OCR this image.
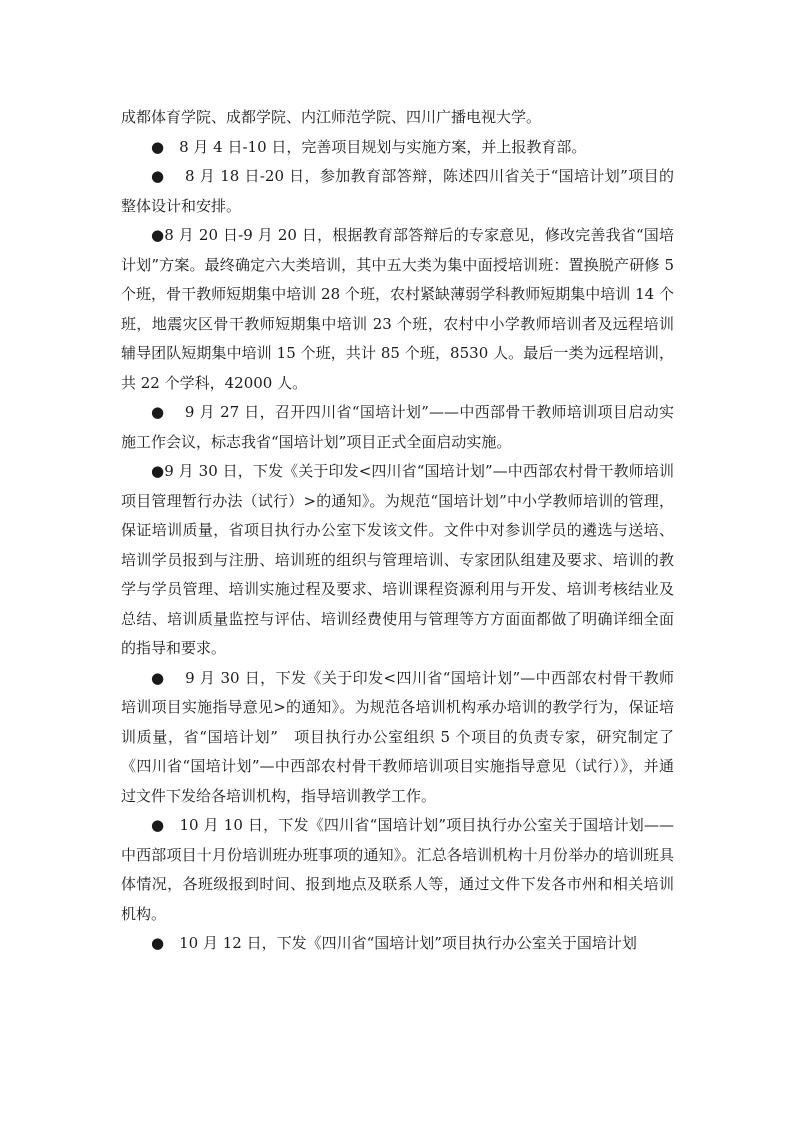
成都体育学院、成都学院、内江师范学院、四川广播电视大学。

●　8 月 4 日-10 日，完善项目规划与实施方案，并上报教育部。

●　 8 月 18 日-20 日，参加教育部答辩，陈述四川省关于“国培计划”项目的整体设计和安排。

●8 月 20 日-9 月 20 日，根据教育部答辩后的专家意见，修改完善我省“国培计划”方案。最终确定六大类培训，其中五大类为集中面授培训班：置换脱产研修 5 个班，骨干教师短期集中培训 28 个班，农村紧缺薄弱学科教师短期集中培训 14 个班，地震灾区骨干教师短期集中培训 23 个班，农村中小学教师培训者及远程培训辅导团队短期集中培训 15 个班，共计 85 个班，8530 人。最后一类为远程培训，共 22 个学科，42000 人。

●　 9 月 27 日，召开四川省“国培计划”——中西部骨干教师培训项目启动实施工作会议，标志我省“国培计划”项目正式全面启动实施。

●9 月 30 日，下发《关于印发<四川省“国培计划”—中西部农村骨干教师培训项目管理暂行办法（试行）>的通知》。为规范“国培计划”中小学教师培训的管理，保证培训质量，省项目执行办公室下发该文件。文件中对参训学员的遴选与送培、培训学员报到与注册、培训班的组织与管理培训、专家团队组建及要求、培训的教学与学员管理、培训实施过程及要求、培训课程资源利用与开发、培训考核结业及总结、培训质量监控与评估、培训经费使用与管理等方方面面都做了明确详细全面的指导和要求。

●　 9 月 30 日，下发《关于印发<四川省“国培计划”—中西部农村骨干教师培训项目实施指导意见>的通知》。为规范各培训机构承办培训的教学行为，保证培训质量，省“国培计划”　项目执行办公室组织 5 个项目的负责专家，研究制定了《四川省“国培计划”—中西部农村骨干教师培训项目实施指导意见（试行）》，并通过文件下发给各培训机构，指导培训教学工作。

●　10 月 10 日，下发《四川省“国培计划”项目执行办公室关于国培计划——中西部项目十月份培训班办班事项的通知》。汇总各培训机构十月份举办的培训班具体情况，各班级报到时间、报到地点及联系人等，通过文件下发各市州和相关培训机构。

●　10 月 12 日，下发《四川省“国培计划”项目执行办公室关于国培计划
